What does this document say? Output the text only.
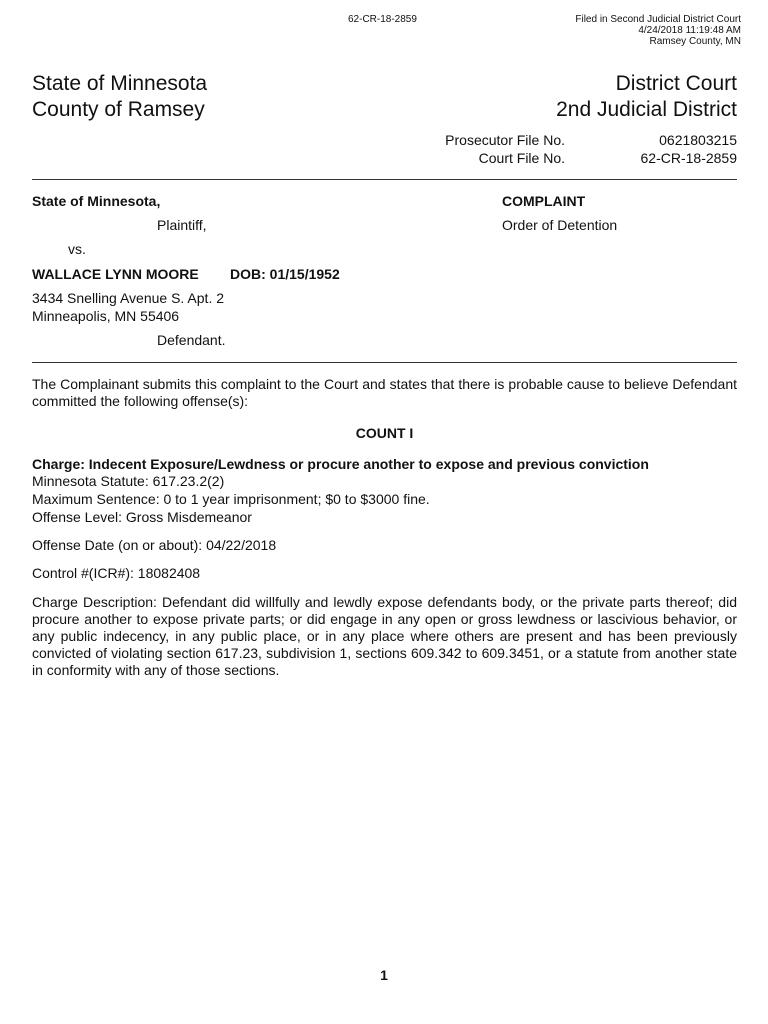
62-CR-18-2859	Filed in Second Judicial District Court
4/24/2018 11:19:48 AM
Ramsey County, MN
State of Minnesota
County of Ramsey
District Court
2nd Judicial District
Prosecutor File No.	0621803215
Court File No.	62-CR-18-2859
State of Minnesota,
Plaintiff,
vs.
WALLACE LYNN MOORE DOB: 01/15/1952
3434 Snelling Avenue S. Apt. 2
Minneapolis, MN 55406
Defendant.
COMPLAINT
Order of Detention
The Complainant submits this complaint to the Court and states that there is probable cause to believe Defendant committed the following offense(s):
COUNT I
Charge: Indecent Exposure/Lewdness or procure another to expose and previous conviction
Minnesota Statute: 617.23.2(2)
Maximum Sentence: 0 to 1 year imprisonment; $0 to $3000 fine.
Offense Level: Gross Misdemeanor
Offense Date (on or about): 04/22/2018
Control #(ICR#): 18082408
Charge Description: Defendant did willfully and lewdly expose defendants body, or the private parts thereof; did procure another to expose private parts; or did engage in any open or gross lewdness or lascivious behavior, or any public indecency, in any public place, or in any place where others are present and has been previously convicted of violating section 617.23, subdivision 1, sections 609.342 to 609.3451, or a statute from another state in conformity with any of those sections.
1
